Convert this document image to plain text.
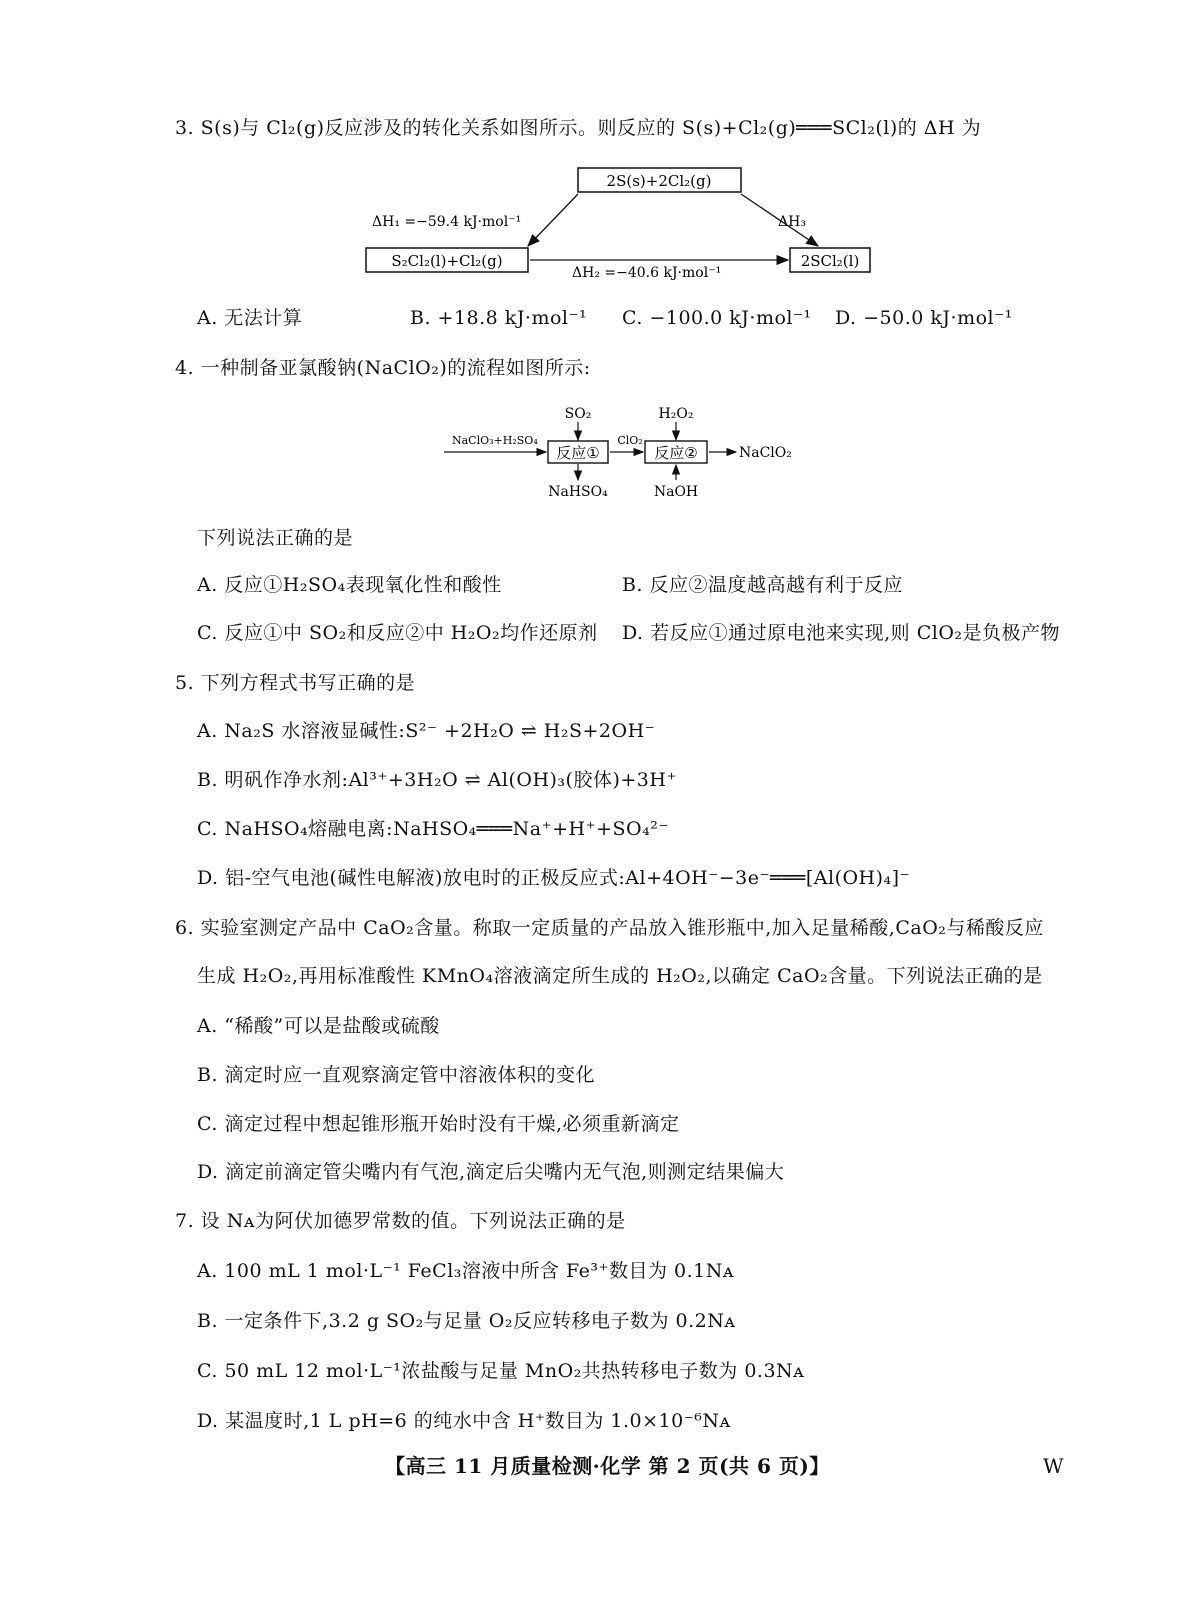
3. S(s)与 Cl₂(g)反应涉及的转化关系如图所示。则反应的 S(s)+Cl₂(g)═══SCl₂(l)的 ΔH 为
2S(s)+2Cl₂(g)
S₂Cl₂(l)+Cl₂(g)	2SCl₂(l)
ΔH₁ =−59.4 kJ·mol⁻¹	ΔH₃
ΔH₂ =−40.6 kJ·mol⁻¹
A. 无法计算	B. +18.8 kJ·mol⁻¹ C. −100.0 kJ·mol⁻¹ D. −50.0 kJ·mol⁻¹
4. 一种制备亚氯酸钠(NaClO₂)的流程如图所示:
NaClO₃+H₂SO₄
反应①
SO₂
NaHSO₄
ClO₂
反应②
H₂O₂
NaOH
NaClO₂
下列说法正确的是
A. 反应①H₂SO₄表现氧化性和酸性	B. 反应②温度越高越有利于反应
C. 反应①中 SO₂和反应②中 H₂O₂均作还原剂 D. 若反应①通过原电池来实现,则 ClO₂是负极产物
5. 下列方程式书写正确的是
A. Na₂S 水溶液显碱性:S²⁻ +2H₂O ⇌ H₂S+2OH⁻
B. 明矾作净水剂:Al³⁺+3H₂O ⇌ Al(OH)₃(胶体)+3H⁺
C. NaHSO₄熔融电离:NaHSO₄═══Na⁺+H⁺+SO₄²⁻
D. 铝-空气电池(碱性电解液)放电时的正极反应式:Al+4OH⁻−3e⁻═══[Al(OH)₄]⁻
6. 实验室测定产品中 CaO₂含量。称取一定质量的产品放入锥形瓶中,加入足量稀酸,CaO₂与稀酸反应
生成 H₂O₂,再用标准酸性 KMnO₄溶液滴定所生成的 H₂O₂,以确定 CaO₂含量。下列说法正确的是
A. “稀酸”可以是盐酸或硫酸
B. 滴定时应一直观察滴定管中溶液体积的变化
C. 滴定过程中想起锥形瓶开始时没有干燥,必须重新滴定
D. 滴定前滴定管尖嘴内有气泡,滴定后尖嘴内无气泡,则测定结果偏大
7. 设 Nᴀ为阿伏加德罗常数的值。下列说法正确的是
A. 100 mL 1 mol·L⁻¹ FeCl₃溶液中所含 Fe³⁺数目为 0.1Nᴀ
B. 一定条件下,3.2 g SO₂与足量 O₂反应转移电子数为 0.2Nᴀ
C. 50 mL 12 mol·L⁻¹浓盐酸与足量 MnO₂共热转移电子数为 0.3Nᴀ
D. 某温度时,1 L pH=6 的纯水中含 H⁺数目为 1.0×10⁻⁶Nᴀ
【高三 11 月质量检测·化学 第 2 页(共 6 页)】	W
